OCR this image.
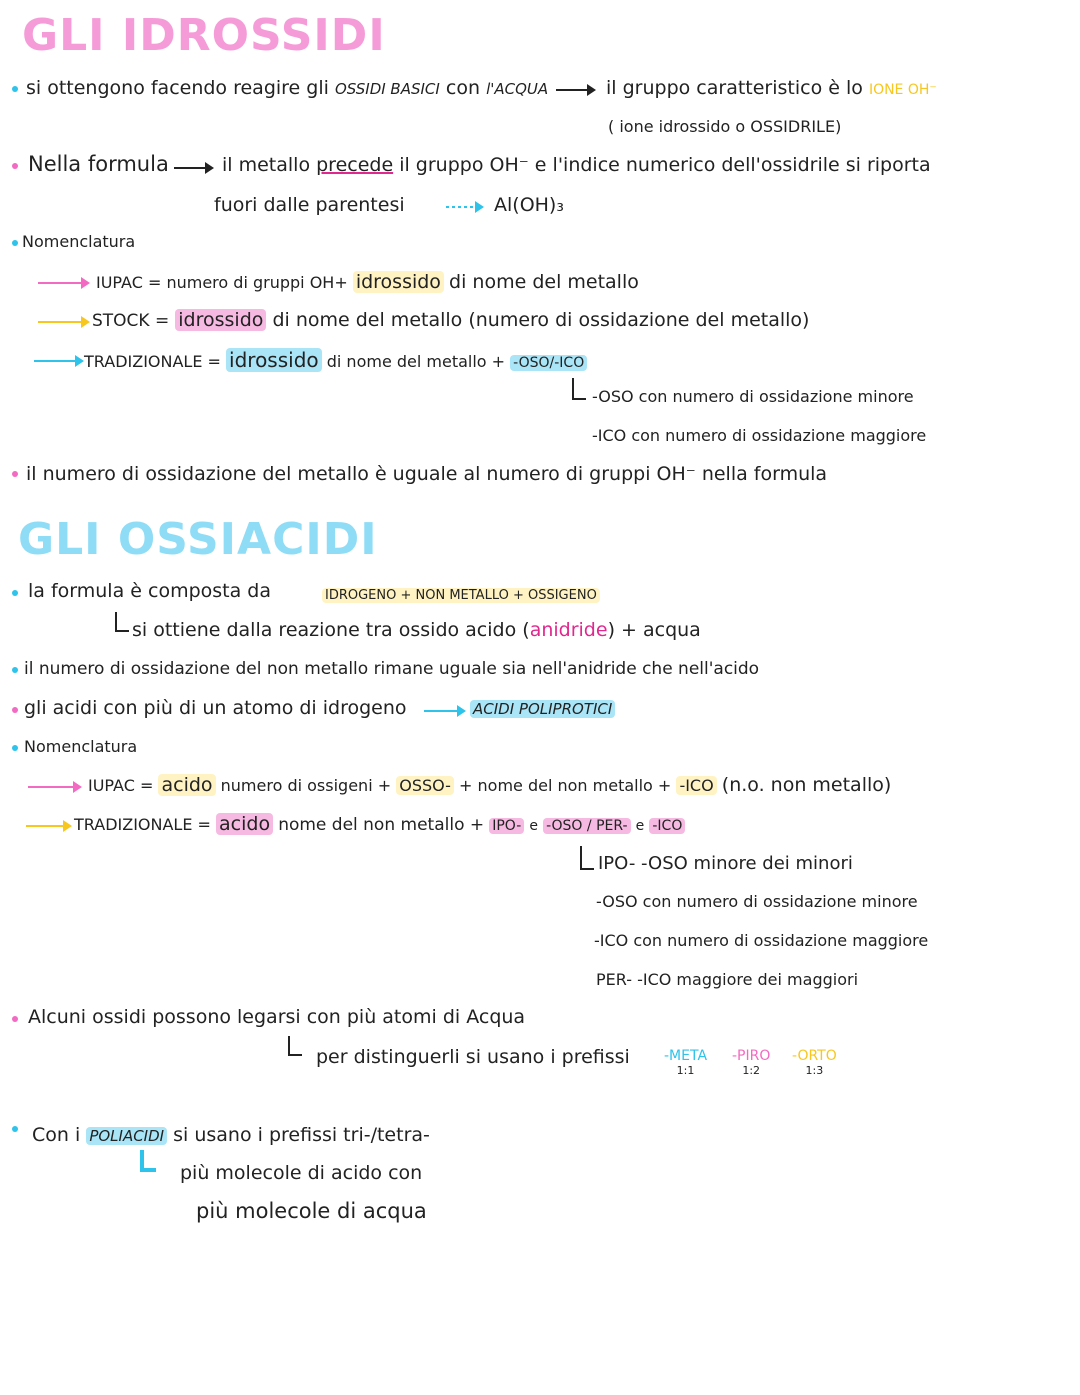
GLI IDROSSIDI
si ottengono facendo reagire gli OSSIDI BASICI con l'ACQUA	il gruppo caratteristico è lo IONE OH⁻
( ione idrossido o OSSIDRILE)
Nella formula	il metallo precede il gruppo OH⁻ e l'indice numerico dell'ossidrile si riporta
fuori dalle parentesi	Al(OH)₃
Nomenclatura
IUPAC = numero di gruppi OH+ idrossido di nome del metallo
STOCK = idrossido di nome del metallo (numero di ossidazione del metallo)
TRADIZIONALE = idrossido di nome del metallo + -OSO/-ICO
-OSO con numero di ossidazione minore
-ICO con numero di ossidazione maggiore
il numero di ossidazione del metallo è uguale al numero di gruppi OH⁻ nella formula
GLI OSSIACIDI
la formula è composta da	IDROGENO + NON METALLO + OSSIGENO
si ottiene dalla reazione tra ossido acido (anidride) + acqua
il numero di ossidazione del non metallo rimane uguale sia nell'anidride che nell'acido
gli acidi con più di un atomo di idrogeno	ACIDI POLIPROTICI
Nomenclatura
IUPAC = acido numero di ossigeni + OSSO- + nome del non metallo + -ICO (n.o. non metallo)
TRADIZIONALE = acido nome del non metallo + IPO- e -OSO / PER- e -ICO
IPO- -OSO minore dei minori
-OSO con numero di ossidazione minore
-ICO con numero di ossidazione maggiore
PER- -ICO maggiore dei maggiori
Alcuni ossidi possono legarsi con più atomi di Acqua
per distinguerli si usano i prefissi -META
1:1
-PIRO
1:2
-ORTO
1:3
Con i POLIACIDI si usano i prefissi tri-/tetra-
più molecole di acido con
più molecole di acqua
